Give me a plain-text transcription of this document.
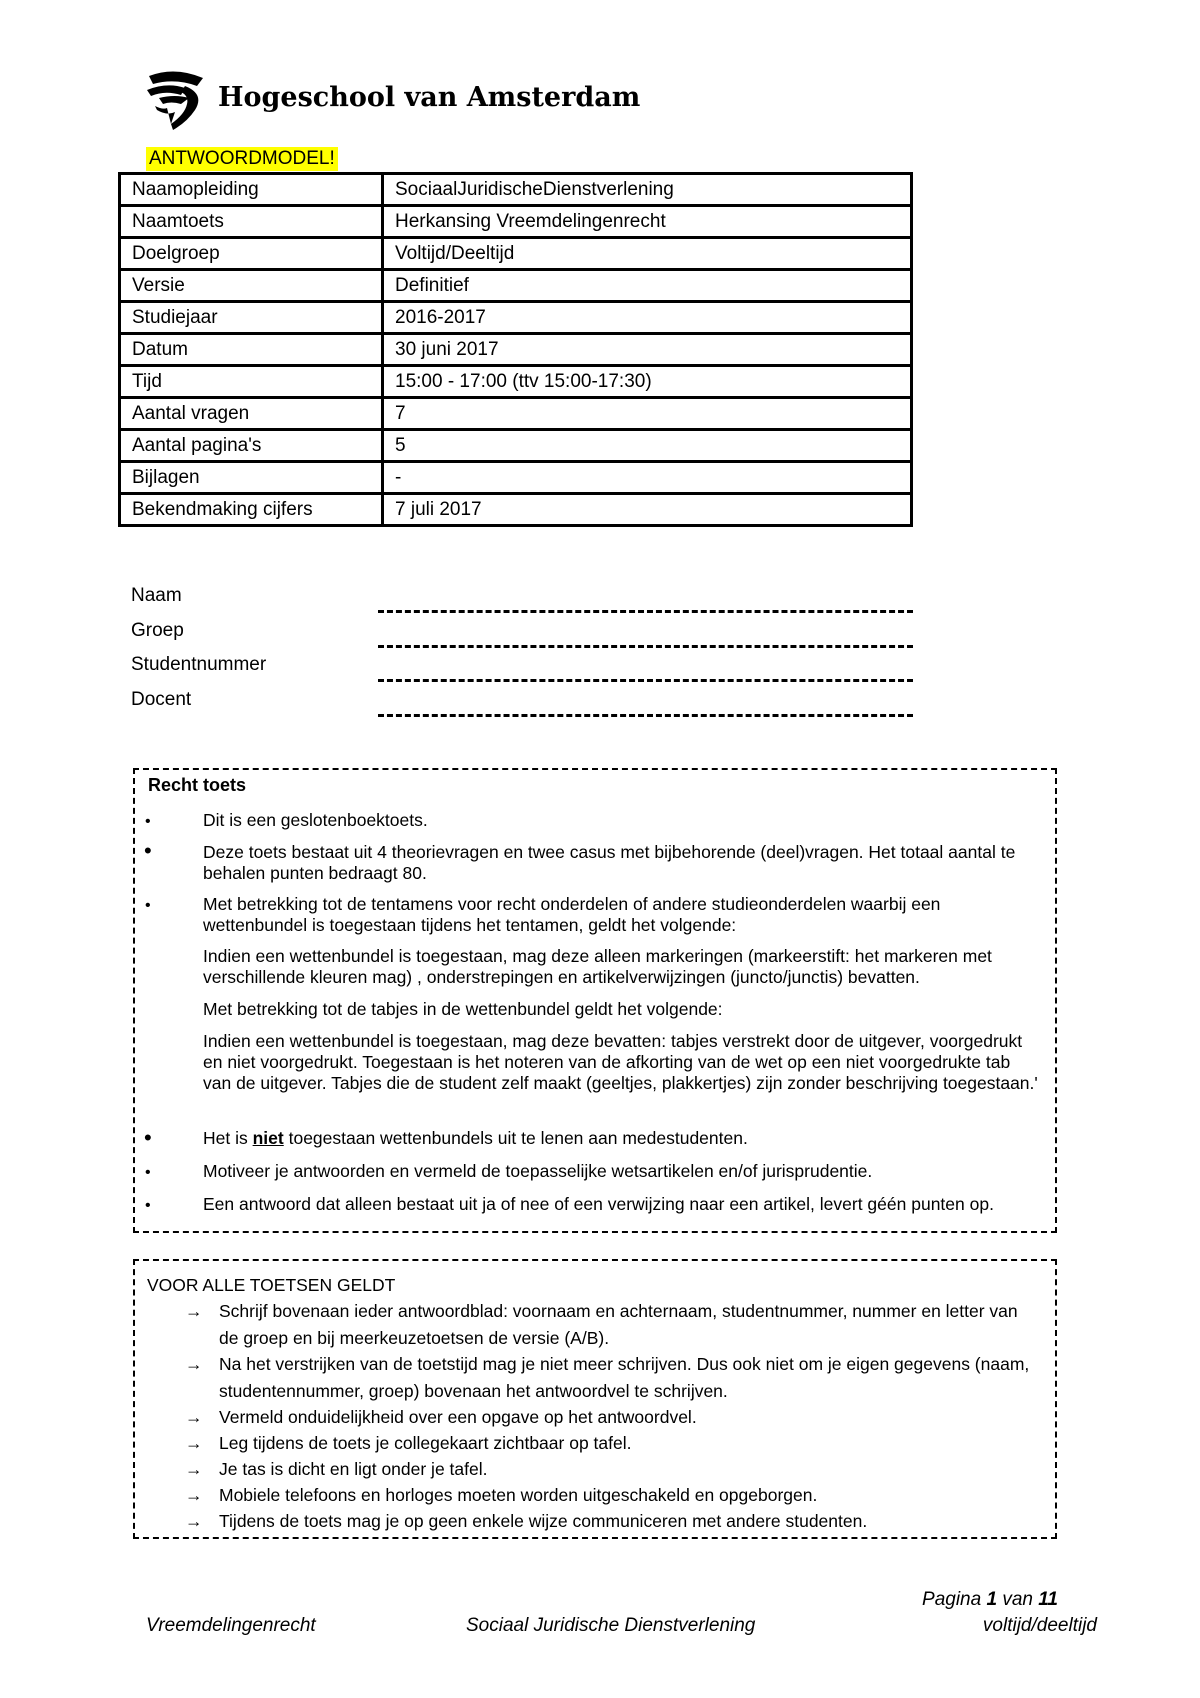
Hogeschool van Amsterdam
ANTWOORDMODEL!
Naamopleiding	SociaalJuridischeDienstverlening
Naamtoets	Herkansing Vreemdelingenrecht
Doelgroep	Voltijd/Deeltijd
Versie	Definitief
Studiejaar	2016-2017
Datum	30 juni 2017
Tijd	15:00 - 17:00 (ttv 15:00-17:30)
Aantal vragen	7
Aantal pagina's	5
Bijlagen	-
Bekendmaking cijfers	7 juli 2017
Naam
Groep
Studentnummer
Docent
Recht toets
•	Dit is een geslotenboektoets.
•	Deze toets bestaat uit 4 theorievragen en twee casus met bijbehorende (deel)vragen. Het totaal aantal te behalen punten bedraagt 80.
•	Met betrekking tot de tentamens voor recht onderdelen of andere studieonderdelen waarbij een wettenbundel is toegestaan tijdens het tentamen, geldt het volgende:
Indien een wettenbundel is toegestaan, mag deze alleen markeringen (markeerstift: het markeren met verschillende kleuren mag) , onderstrepingen en artikelverwijzingen (juncto/junctis) bevatten.
Met betrekking tot de tabjes in de wettenbundel geldt het volgende:
Indien een wettenbundel is toegestaan, mag deze bevatten: tabjes verstrekt door de uitgever, voorgedrukt en niet voorgedrukt. Toegestaan is het noteren van de afkorting van de wet op een niet voorgedrukte tab van de uitgever. Tabjes die de student zelf maakt (geeltjes, plakkertjes) zijn zonder beschrijving toegestaan.'
•	Het is niet toegestaan wettenbundels uit te lenen aan medestudenten.
•	Motiveer je antwoorden en vermeld de toepasselijke wetsartikelen en/of jurisprudentie.
•	Een antwoord dat alleen bestaat uit ja of nee of een verwijzing naar een artikel, levert géén punten op.
VOOR ALLE TOETSEN GELDT
→ Schrijf bovenaan ieder antwoordblad: voornaam en achternaam, studentnummer, nummer en letter van de groep en bij meerkeuzetoetsen de versie (A/B).
→ Na het verstrijken van de toetstijd mag je niet meer schrijven. Dus ook niet om je eigen gegevens (naam, studentennummer, groep) bovenaan het antwoordvel te schrijven.
→ Vermeld onduidelijkheid over een opgave op het antwoordvel.
→ Leg tijdens de toets je collegekaart zichtbaar op tafel.
→ Je tas is dicht en ligt onder je tafel.
→ Mobiele telefoons en horloges moeten worden uitgeschakeld en opgeborgen.
→ Tijdens de toets mag je op geen enkele wijze communiceren met andere studenten.
Pagina 1 van 11
Vreemdelingenrecht	Sociaal Juridische Dienstverlening	voltijd/deeltijd
